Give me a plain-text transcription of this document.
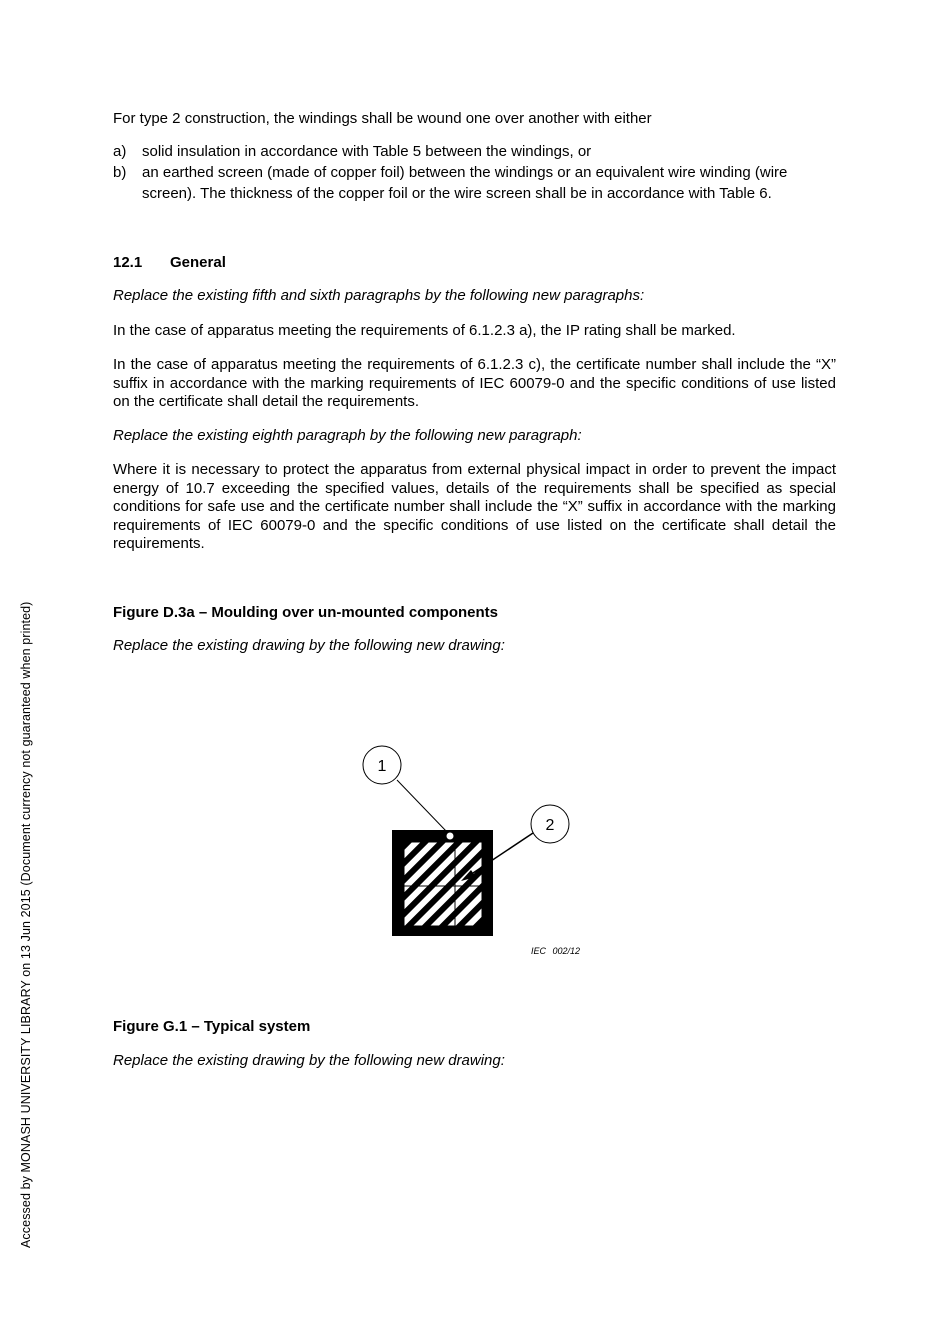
For type 2 construction, the windings shall be wound one over another with either

a) solid insulation in accordance with Table 5 between the windings, or
b) an earthed screen (made of copper foil) between the windings or an equivalent wire winding (wire screen). The thickness of the copper foil or the wire screen shall be in accordance with Table 6.

12.1 General

Replace the existing fifth and sixth paragraphs by the following new paragraphs:

In the case of apparatus meeting the requirements of 6.1.2.3 a), the IP rating shall be marked.

In the case of apparatus meeting the requirements of 6.1.2.3 c), the certificate number shall include the “X” suffix in accordance with the marking requirements of IEC 60079-0 and the specific conditions of use listed on the certificate shall detail the requirements.

Replace the existing eighth paragraph by the following new paragraph:

Where it is necessary to protect the apparatus from external physical impact in order to prevent the impact energy of 10.7 exceeding the specified values, details of the requirements shall be specified as special conditions for safe use and the certificate number shall include the “X” suffix in accordance with the marking requirements of IEC 60079-0 and the specific conditions of use listed on the certificate shall detail the requirements.

Figure D.3a – Moulding over un-mounted components

Replace the existing drawing by the following new drawing:

Figure G.1 – Typical system

Replace the existing drawing by the following new drawing:

1
2
IEC 002/12
Accessed by MONASH UNIVERSITY LIBRARY on 13 Jun 2015 (Document currency not guaranteed when printed)
